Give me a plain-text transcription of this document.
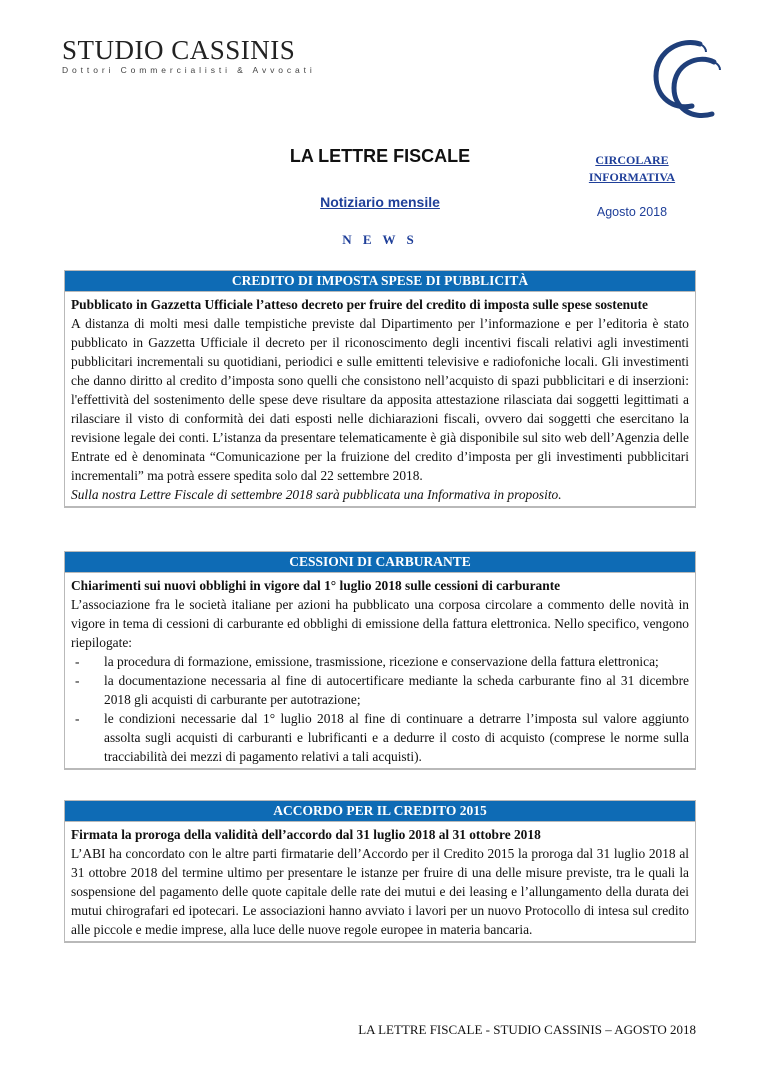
STUDIO CASSINIS
Dottori Commercialisti & Avvocati
LA LETTRE FISCALE
Notiziario mensile
N E W S
CIRCOLARE
INFORMATIVA
Agosto 2018
CREDITO DI IMPOSTA SPESE DI PUBBLICITÀ
Pubblicato in Gazzetta Ufficiale l’atteso decreto per fruire del credito di imposta sulle spese sostenute

A distanza di molti mesi dalle tempistiche previste dal Dipartimento per l’informazione e per l’editoria è stato pubblicato in Gazzetta Ufficiale il decreto per il riconoscimento degli incentivi fiscali relativi agli investimenti pubblicitari incrementali su quotidiani, periodici e sulle emittenti televisive e radiofoniche locali. Gli investimenti che danno diritto al credito d’imposta sono quelli che consistono nell’acquisto di spazi pubblicitari e di inserzioni: l'effettività del sostenimento delle spese deve risultare da apposita attestazione rilasciata dai soggetti legittimati a rilasciare il visto di conformità dei dati esposti nelle dichiarazioni fiscali, ovvero dai soggetti che esercitano la revisione legale dei conti. L’istanza da presentare telematicamente è già disponibile sul sito web dell’Agenzia delle Entrate ed è denominata “Comunicazione per la fruizione del credito d’imposta per gli investimenti pubblicitari incrementali” ma potrà essere spedita solo dal 22 settembre 2018.

Sulla nostra Lettre Fiscale di settembre 2018 sarà pubblicata una Informativa in proposito.

CESSIONI DI CARBURANTE
Chiarimenti sui nuovi obblighi in vigore dal 1° luglio 2018 sulle cessioni di carburante

L’associazione fra le società italiane per azioni ha pubblicato una corposa circolare a commento delle novità in vigore in tema di cessioni di carburante ed obblighi di emissione della fattura elettronica. Nello specifico, vengono riepilogate:

- la procedura di formazione, emissione, trasmissione, ricezione e conservazione della fattura elettronica;
- la documentazione necessaria al fine di autocertificare mediante la scheda carburante fino al 31 dicembre 2018 gli acquisti di carburante per autotrazione;
- le condizioni necessarie dal 1° luglio 2018 al fine di continuare a detrarre l’imposta sul valore aggiunto assolta sugli acquisti di carburanti e lubrificanti e a dedurre il costo di acquisto (comprese le norme sulla tracciabilità dei mezzi di pagamento relativi a tali acquisti).
ACCORDO PER IL CREDITO 2015
Firmata la proroga della validità dell’accordo dal 31 luglio 2018 al 31 ottobre 2018

L’ABI ha concordato con le altre parti firmatarie dell’Accordo per il Credito 2015 la proroga dal 31 luglio 2018 al 31 ottobre 2018 del termine ultimo per presentare le istanze per fruire di una delle misure previste, tra le quali la sospensione del pagamento delle quote capitale delle rate dei mutui e dei leasing e l’allungamento della durata dei mutui chirografari ed ipotecari. Le associazioni hanno avviato i lavori per un nuovo Protocollo di intesa sul credito alle piccole e medie imprese, alla luce delle nuove regole europee in materia bancaria.

LA LETTRE FISCALE - STUDIO CASSINIS – AGOSTO 2018
